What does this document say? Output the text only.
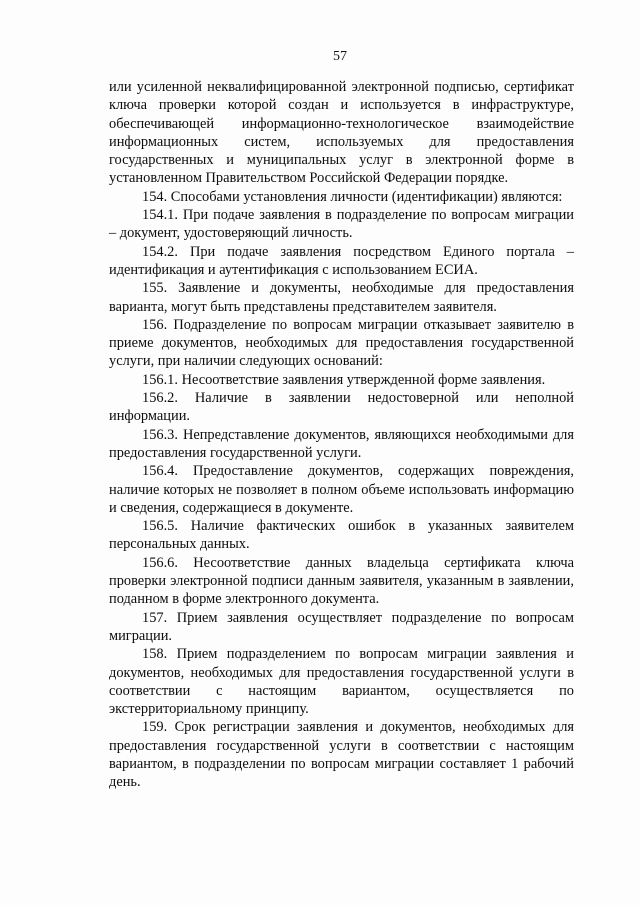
57

или усиленной неквалифицированной электронной подписью, сертификат ключа проверки которой создан и используется в инфраструктуре, обеспечивающей информационно-технологическое взаимодействие информационных систем, используемых для предоставления государственных и муниципальных услуг в электронной форме в установленном Правительством Российской Федерации порядке.

154. Способами установления личности (идентификации) являются:

154.1. При подаче заявления в подразделение по вопросам миграции – документ, удостоверяющий личность.

154.2. При подаче заявления посредством Единого портала – идентификация и аутентификация с использованием ЕСИА.

155. Заявление и документы, необходимые для предоставления варианта, могут быть представлены представителем заявителя.

156. Подразделение по вопросам миграции отказывает заявителю в приеме документов, необходимых для предоставления государственной услуги, при наличии следующих оснований:

156.1. Несоответствие заявления утвержденной форме заявления.

156.2. Наличие в заявлении недостоверной или неполной информации.

156.3. Непредставление документов, являющихся необходимыми для предоставления государственной услуги.

156.4. Предоставление документов, содержащих повреждения, наличие которых не позволяет в полном объеме использовать информацию и сведения, содержащиеся в документе.

156.5. Наличие фактических ошибок в указанных заявителем персональных данных.

156.6. Несоответствие данных владельца сертификата ключа проверки электронной подписи данным заявителя, указанным в заявлении, поданном в форме электронного документа.

157. Прием заявления осуществляет подразделение по вопросам миграции.

158. Прием подразделением по вопросам миграции заявления и документов, необходимых для предоставления государственной услуги в соответствии с настоящим вариантом, осуществляется по экстерриториальному принципу.

159. Срок регистрации заявления и документов, необходимых для предоставления государственной услуги в соответствии с настоящим вариантом, в подразделении по вопросам миграции составляет 1 рабочий день.
